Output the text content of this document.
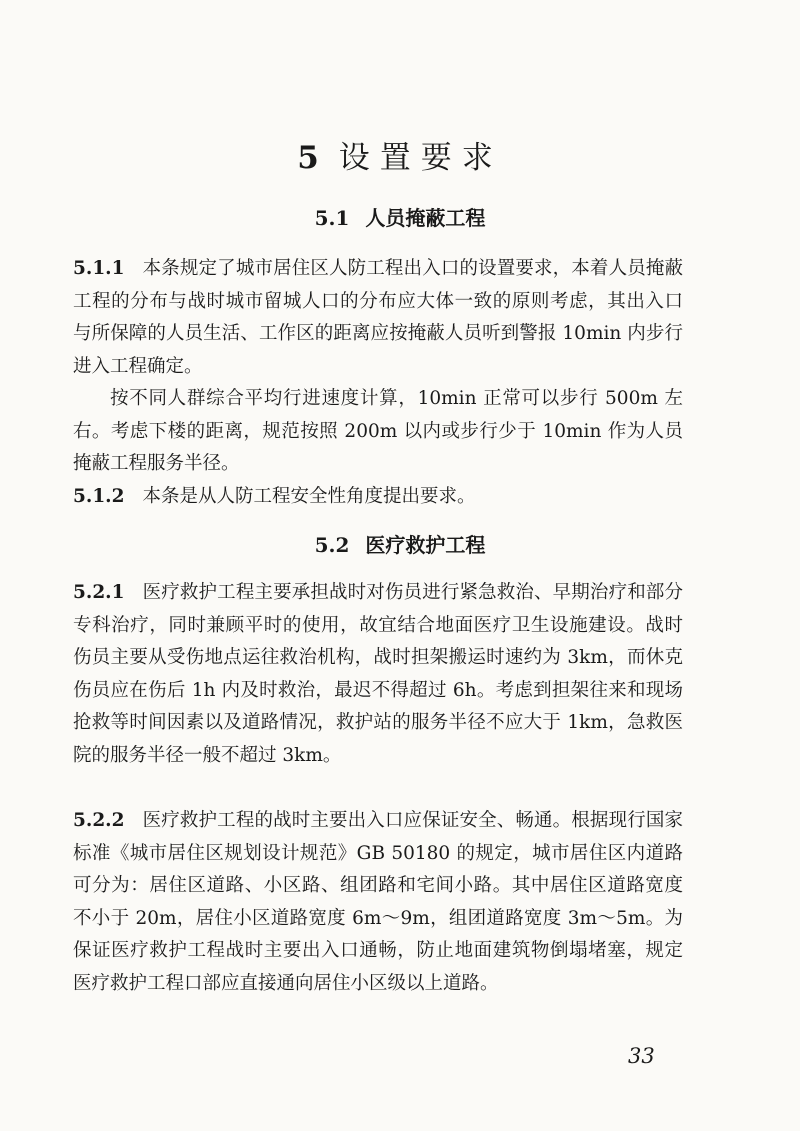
5 设置要求
5.1 人员掩蔽工程
5.1.1 本条规定了城市居住区人防工程出入口的设置要求，本着人员掩蔽工程的分布与战时城市留城人口的分布应大体一致的原则考虑，其出入口与所保障的人员生活、工作区的距离应按掩蔽人员听到警报 10min 内步行进入工程确定。
按不同人群综合平均行进速度计算，10min 正常可以步行 500m 左右。考虑下楼的距离，规范按照 200m 以内或步行少于 10min 作为人员掩蔽工程服务半径。
5.1.2 本条是从人防工程安全性角度提出要求。
5.2 医疗救护工程
5.2.1 医疗救护工程主要承担战时对伤员进行紧急救治、早期治疗和部分专科治疗，同时兼顾平时的使用，故宜结合地面医疗卫生设施建设。战时伤员主要从受伤地点运往救治机构，战时担架搬运时速约为 3km，而休克伤员应在伤后 1h 内及时救治，最迟不得超过 6h。考虑到担架往来和现场抢救等时间因素以及道路情况，救护站的服务半径不应大于 1km，急救医院的服务半径一般不超过 3km。
5.2.2 医疗救护工程的战时主要出入口应保证安全、畅通。根据现行国家标准《城市居住区规划设计规范》GB 50180 的规定，城市居住区内道路可分为：居住区道路、小区路、组团路和宅间小路。其中居住区道路宽度不小于 20m，居住小区道路宽度 6m～9m，组团道路宽度 3m～5m。为保证医疗救护工程战时主要出入口通畅，防止地面建筑物倒塌堵塞，规定医疗救护工程口部应直接通向居住小区级以上道路。
33
